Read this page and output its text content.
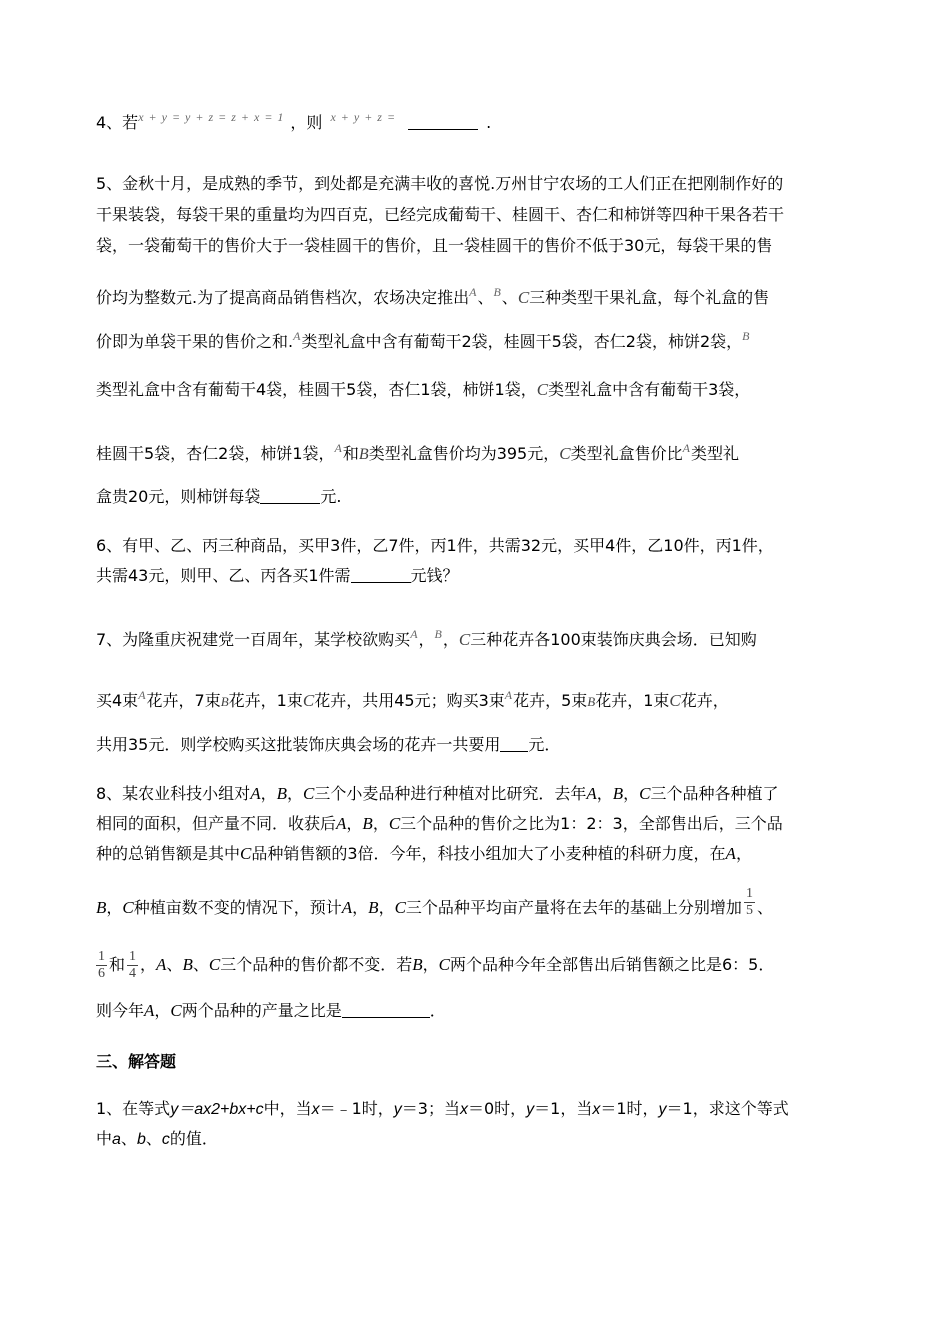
4、若$^{x + y = y + z = z + x = 1}$ ，则 $^{x + y + z =}$	.
5、金秋十月，是成熟的季节，到处都是充满丰收的喜悦.万州甘宁农场的工人们正在把刚制作好的
干果装袋，每袋干果的重量均为四百克，已经完成葡萄干、桂圆干、杏仁和柿饼等四种干果各若干
袋，一袋葡萄干的售价大于一袋桂圆干的售价，且一袋桂圆干的售价不低于30元，每袋干果的售
价均为整数元.为了提高商品销售档次，农场决定推出$^A$、$^B$、C三种类型干果礼盒，每个礼盒的售
价即为单袋干果的售价之和.$^A$类型礼盒中含有葡萄干2袋，桂圆干5袋，杏仁2袋，柿饼2袋，$^B$
类型礼盒中含有葡萄干4袋，桂圆干5袋，杏仁1袋，柿饼1袋，C类型礼盒中含有葡萄干3袋，
桂圆干5袋，杏仁2袋，柿饼1袋，$^A$和B类型礼盒售价均为395元，C类型礼盒售价比$^A$类型礼
盒贵20元，则柿饼每袋	元.
6、有甲、乙、丙三种商品，买甲3件，乙7件，丙1件，共需32元，买甲4件，乙10件，丙1件，
共需43元，则甲、乙、丙各买1件需	元钱？
7、为隆重庆祝建党一百周年，某学校欲购买$^A$，$^B$，C三种花卉各100束装饰庆典会场．已知购
买4束$^A$花卉，7束B花卉，1束C花卉，共用45元；购买3束$^A$花卉，5束B花卉，1束C花卉，
共用35元．则学校购买这批装饰庆典会场的花卉一共要用 元．
8、某农业科技小组对A，B，C三个小麦品种进行种植对比研究．去年A，B，C三个品种各种植了
相同的面积，但产量不同．收获后A，B，C三个品种的售价之比为1：2：3，全部售出后，三个品
种的总销售额是其中C品种销售额的3倍．今年，科技小组加大了小麦种植的科研力度，在A，
B，C种植亩数不变的情况下，预计A，B，C三个品种平均亩产量将在去年的基础上分别增加 $\frac{1}{5}$ 、
$\frac{1}{6}$ 和 $\frac{1}{4}$ ，A、B、C三个品种的售价都不变．若B，C两个品种今年全部售出后销售额之比是6：5．
则今年A，C两个品种的产量之比是	．
三、解答题
1、在等式y＝ax2+bx+c中，当x＝﹣1时，y＝3；当x＝0时，y＝1，当x＝1时，y＝1，求这个等式
中a、b、c的值．
